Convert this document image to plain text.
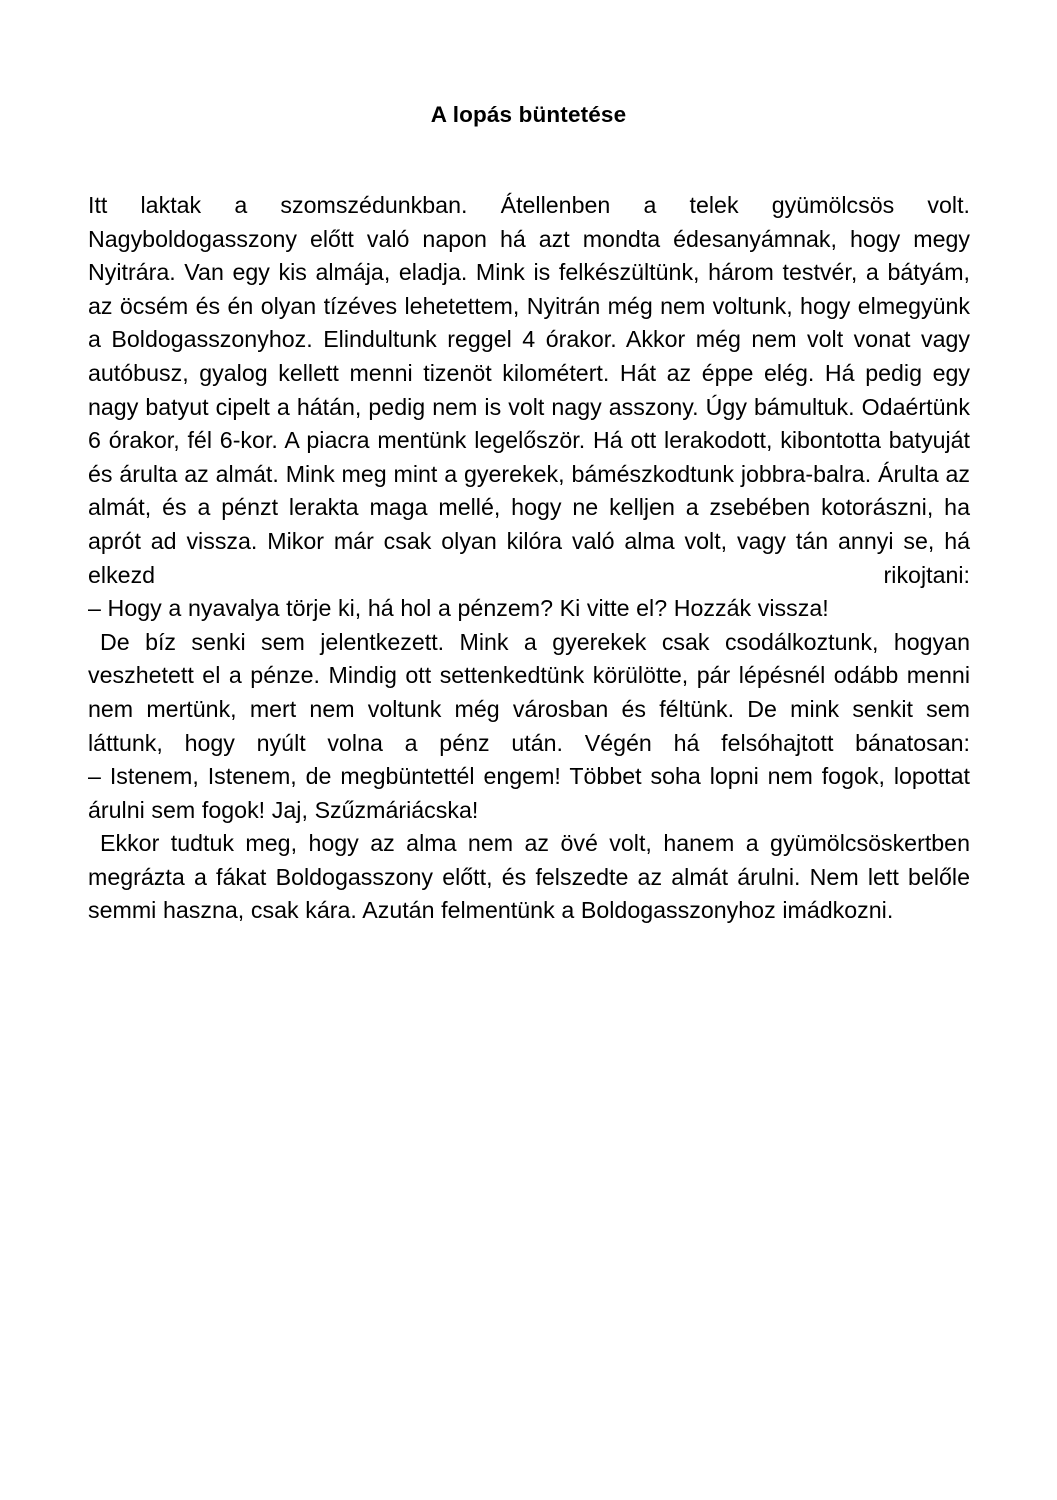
A lopás büntetése

Itt laktak a szomszédunkban. Átellenben a telek gyümölcsös volt. Nagyboldogasszony előtt való napon há azt mondta édesanyámnak, hogy megy Nyitrára. Van egy kis almája, eladja. Mink is felkészültünk, három testvér, a bátyám, az öcsém és én olyan tízéves lehetettem, Nyitrán még nem voltunk, hogy elmegyünk a Boldogasszonyhoz. Elindultunk reggel 4 órakor. Akkor még nem volt vonat vagy autóbusz, gyalog kellett menni tizenöt kilométert. Hát az éppe elég. Há pedig egy nagy batyut cipelt a hátán, pedig nem is volt nagy asszony. Úgy bámultuk. Odaértünk 6 órakor, fél 6-kor. A piacra mentünk legelőször. Há ott lerakodott, kibontotta batyuját és árulta az almát. Mink meg mint a gyerekek, bámészkodtunk jobbra-balra. Árulta az almát, és a pénzt lerakta maga mellé, hogy ne kelljen a zsebében kotorászni, ha aprót ad vissza. Mikor már csak olyan kilóra való alma volt, vagy tán annyi se, há elkezd rikojtani:

– Hogy a nyavalya törje ki, há hol a pénzem? Ki vitte el? Hozzák vissza!

De bíz senki sem jelentkezett. Mink a gyerekek csak csodálkoztunk, hogyan veszhetett el a pénze. Mindig ott settenkedtünk körülötte, pár lépésnél odább menni nem mertünk, mert nem voltunk még városban és féltünk. De mink senkit sem láttunk, hogy nyúlt volna a pénz után. Végén há felsóhajtott bánatosan:

– Istenem, Istenem, de megbüntettél engem! Többet soha lopni nem fogok, lopottat árulni sem fogok! Jaj, Szűzmáriácska!

Ekkor tudtuk meg, hogy az alma nem az övé volt, hanem a gyümölcsöskertben megrázta a fákat Boldogasszony előtt, és felszedte az almát árulni. Nem lett belőle semmi haszna, csak kára. Azután felmentünk a Boldogasszonyhoz imádkozni.
